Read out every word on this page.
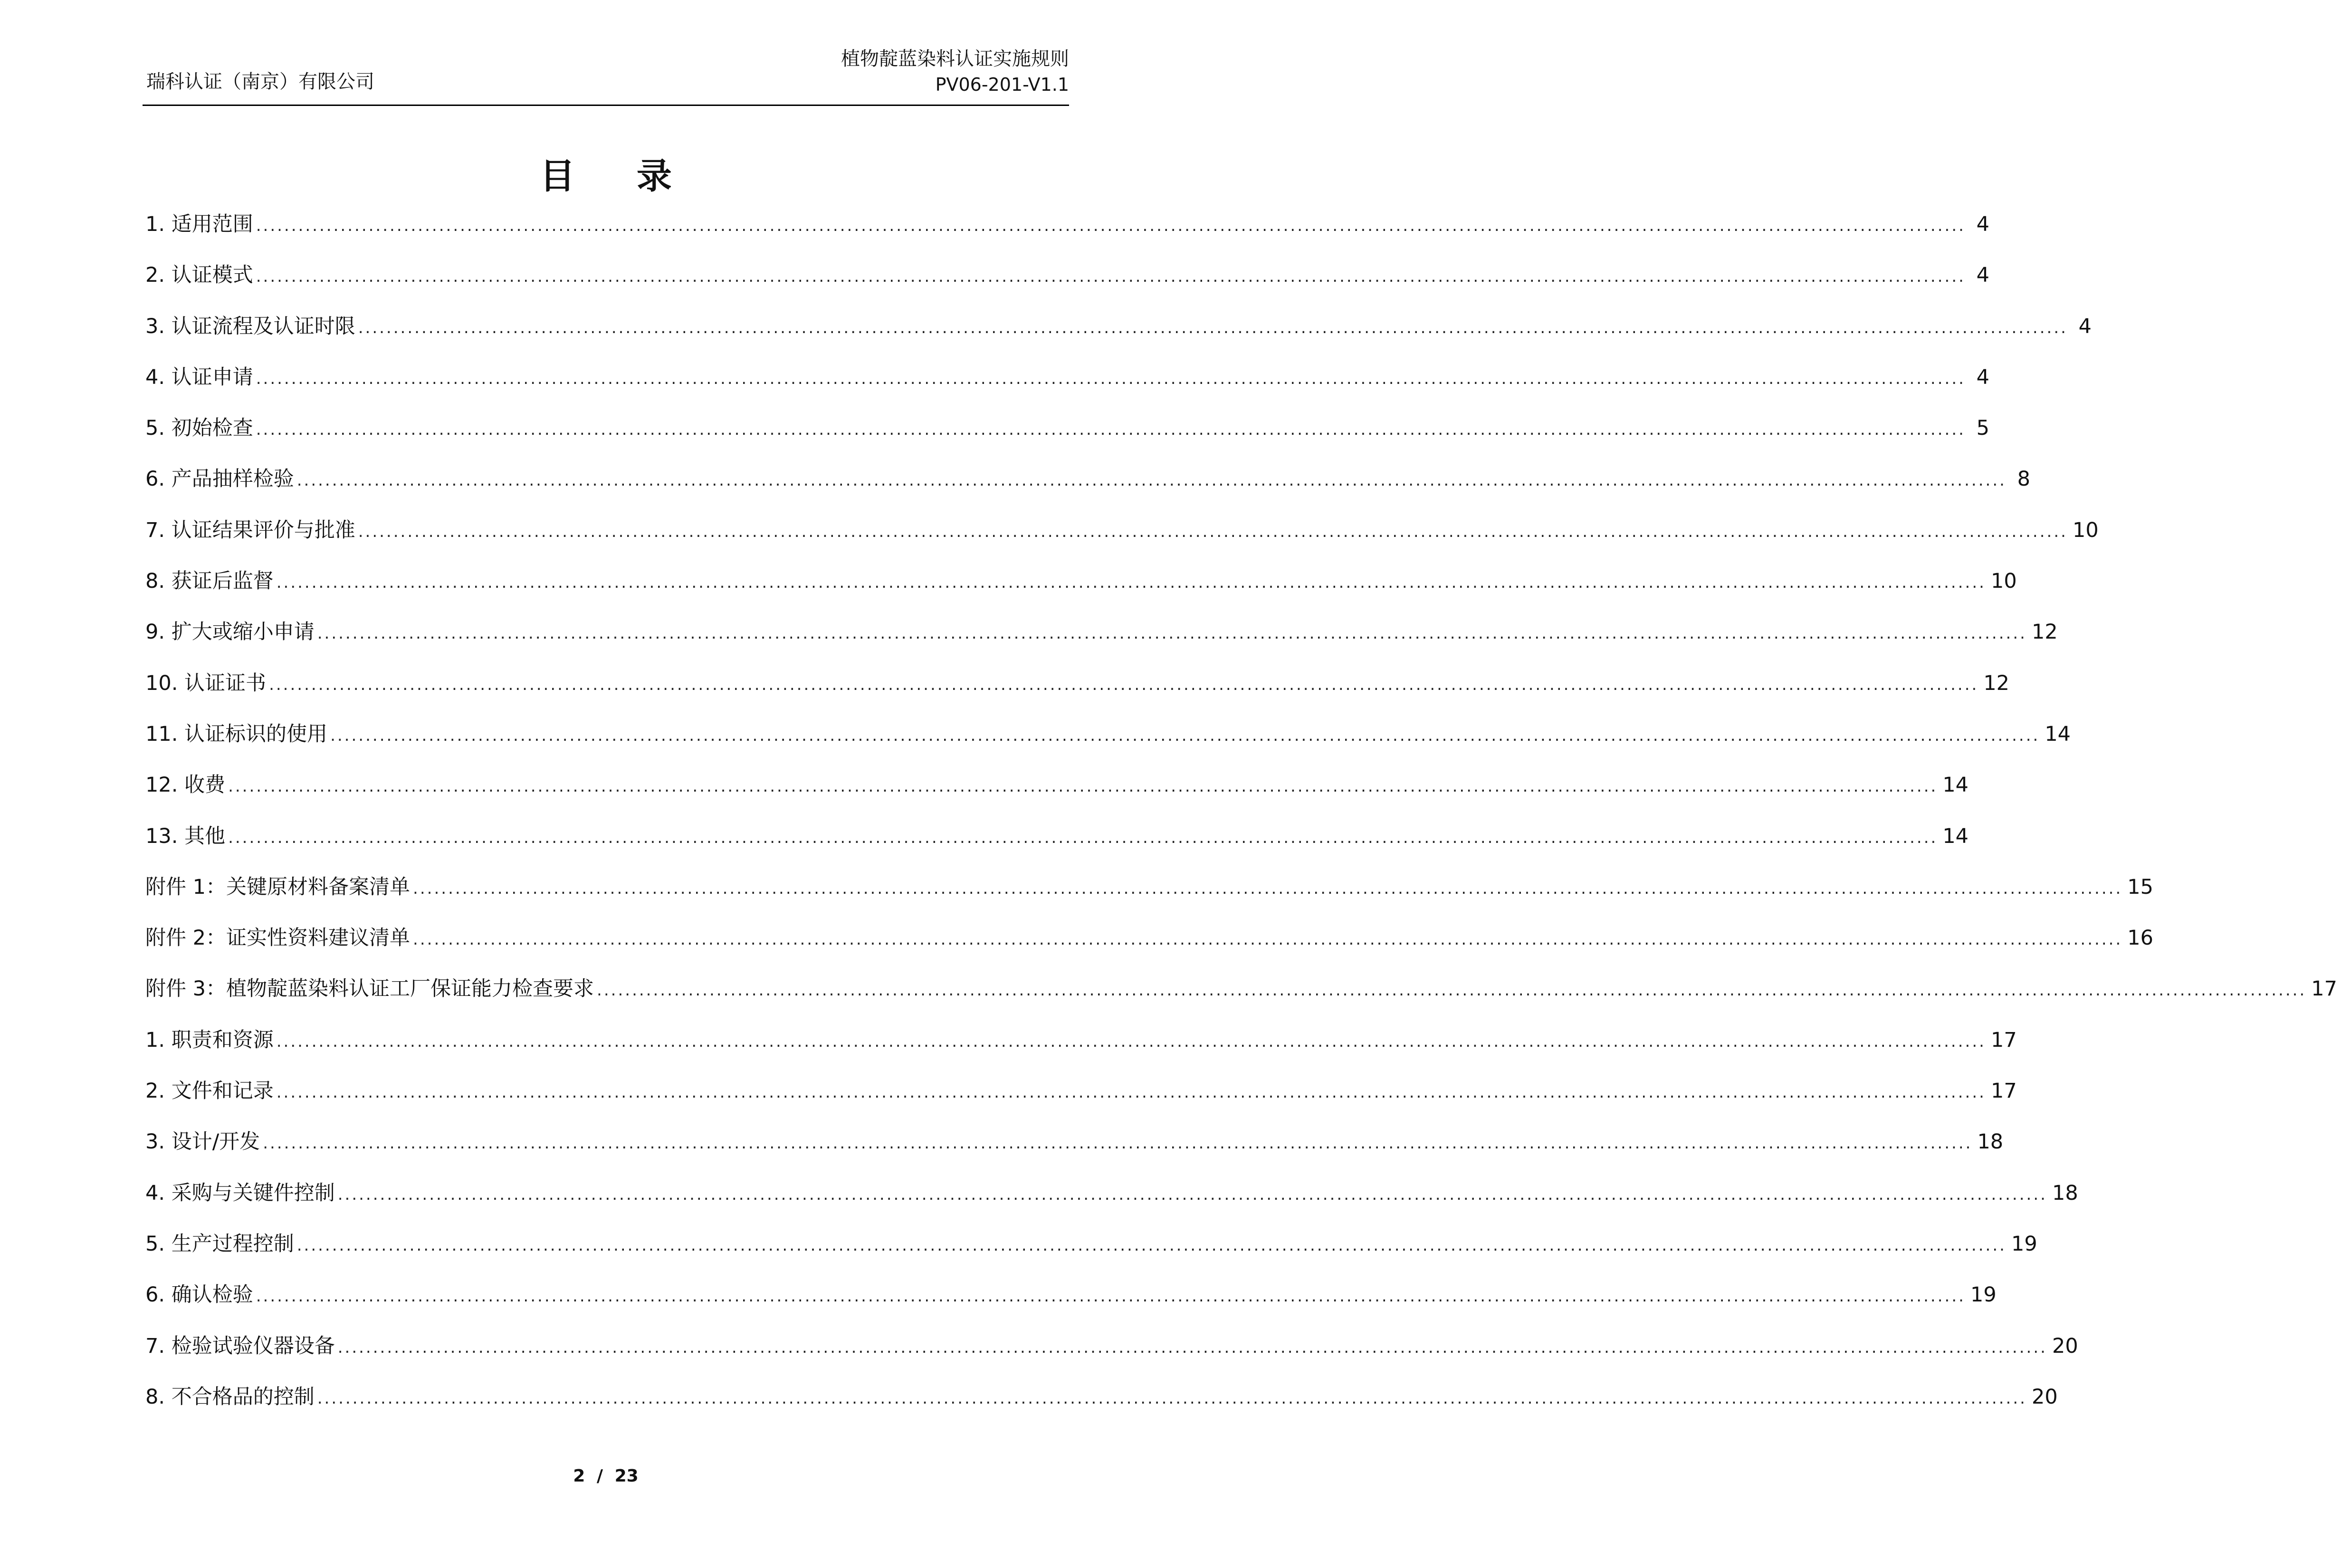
瑞科认证（南京）有限公司
植物靛蓝染料认证实施规则
PV06-201-V1.1
目 录
1. 适用范围 ................................................................................................................................................................................................................................................... 4
2. 认证模式 ................................................................................................................................................................................................................................................... 4
3. 认证流程及认证时限 ................................................................................................................................................................................................................................................... 4
4. 认证申请 ................................................................................................................................................................................................................................................... 4
5. 初始检查 ................................................................................................................................................................................................................................................... 5
6. 产品抽样检验 ................................................................................................................................................................................................................................................... 8
7. 认证结果评价与批准 ................................................................................................................................................................................................................................................... 10
8. 获证后监督 ................................................................................................................................................................................................................................................... 10
9. 扩大或缩小申请 ................................................................................................................................................................................................................................................... 12
10. 认证证书 ................................................................................................................................................................................................................................................... 12
11. 认证标识的使用 ................................................................................................................................................................................................................................................... 14
12. 收费 ................................................................................................................................................................................................................................................... 14
13. 其他 ................................................................................................................................................................................................................................................... 14
附件 1：关键原材料备案清单 ................................................................................................................................................................................................................................................... 15
附件 2：证实性资料建议清单 ................................................................................................................................................................................................................................................... 16
附件 3：植物靛蓝染料认证工厂保证能力检查要求 ................................................................................................................................................................................................................................................... 17
1. 职责和资源 ................................................................................................................................................................................................................................................... 17
2. 文件和记录 ................................................................................................................................................................................................................................................... 17
3. 设计/开发 ................................................................................................................................................................................................................................................... 18
4. 采购与关键件控制 ................................................................................................................................................................................................................................................... 18
5. 生产过程控制 ................................................................................................................................................................................................................................................... 19
6. 确认检验 ................................................................................................................................................................................................................................................... 19
7. 检验试验仪器设备 ................................................................................................................................................................................................................................................... 20
8. 不合格品的控制 ................................................................................................................................................................................................................................................... 20
2 / 23
